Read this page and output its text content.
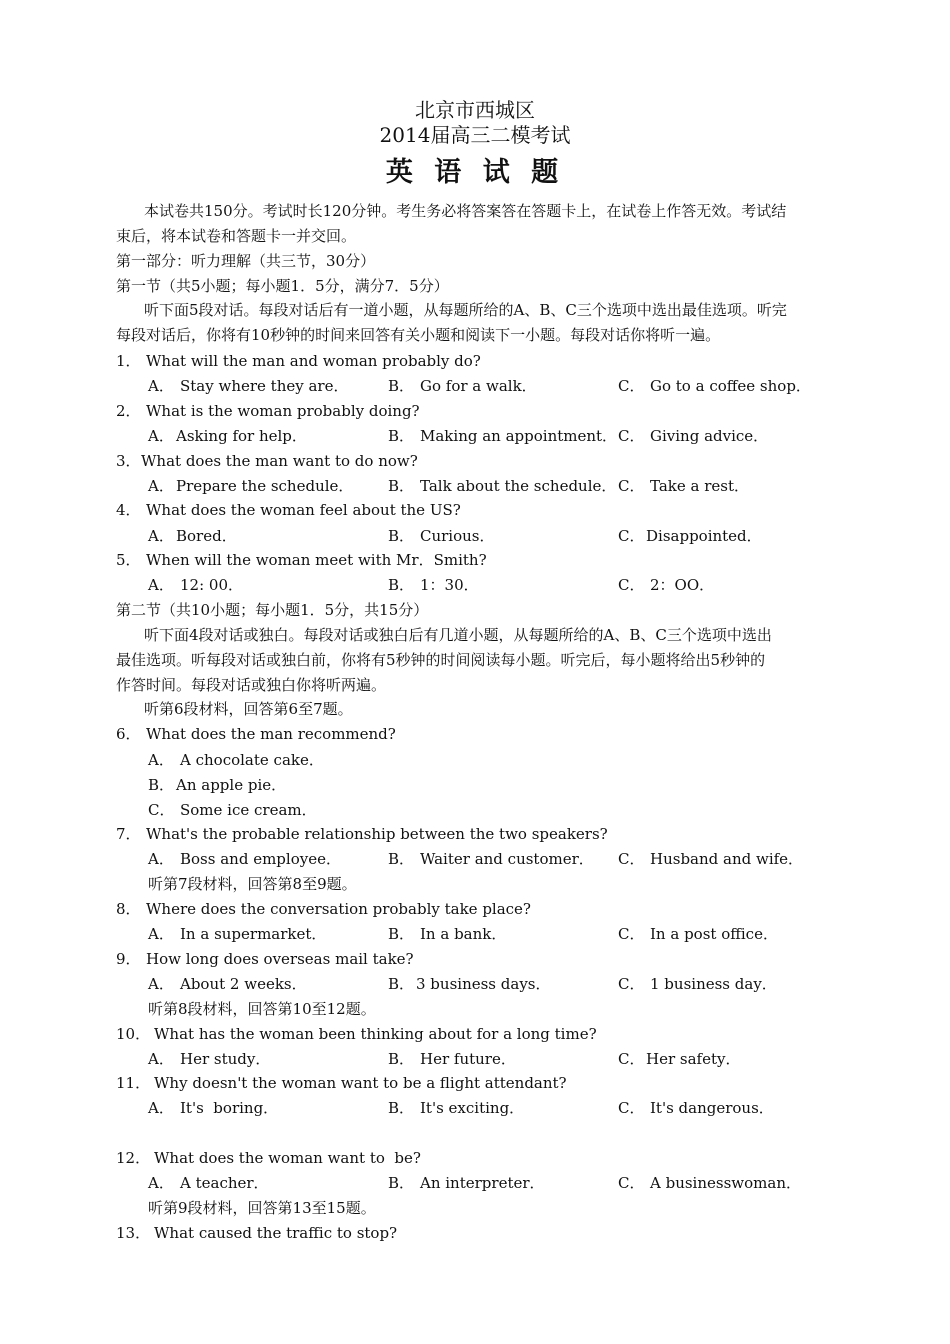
北京市西城区
2014届高三二模考试
英 语 试 题
本试卷共150分。考试时长120分钟。考生务必将答案答在答题卡上，在试卷上作答无效。考试结
束后，将本试卷和答题卡一并交回。
第一部分：听力理解（共三节，30分）
第一节（共5小题；每小题1．5分，满分7．5分）
听下面5段对话。每段对话后有一道小题，从每题所给的A、B、C三个选项中选出最佳选项。听完
每段对话后，你将有10秒钟的时间来回答有关小题和阅读下一小题。每段对话你将听一遍。
1． What will the man and woman probably do?
A． Stay where they are．	B． Go for a walk．	C． Go to a coffee shop．
2． What is the woman probably doing?
A． Asking for help．	B． Making an appointment． C． Giving advice．
3．What does the man want to do now?
A． Prepare the schedule． B． Talk about the schedule． C． Take a rest．
4． What does the woman feel about the US?
A． Bored．	B． Curious．	C． Disappointed．
5． When will the woman meet with Mr．Smith?
A． 12: 00．	B． 1：30．	C． 2：OO．
第二节（共10小题；每小题1．5分，共15分）
听下面4段对话或独白。每段对话或独白后有几道小题，从每题所给的A、B、C三个选项中选出
最佳选项。听每段对话或独白前，你将有5秒钟的时间阅读每小题。听完后，每小题将给出5秒钟的
作答时间。每段对话或独白你将听两遍。
听第6段材料，回答第6至7题。
6． What does the man recommend?
A． A chocolate cake．
B． An apple pie．
C． Some ice cream．
7． What's the probable relationship between the two speakers?
A． Boss and employee．	B． Waiter and customer． C． Husband and wife．
听第7段材料，回答第8至9题。
8． Where does the conversation probably take place?
A． In a supermarket．	B． In a bank．	C． In a post office．
9． How long does overseas mail take?
A． About 2 weeks．	B． 3 business days．	C． 1 business day．
听第8段材料，回答第10至12题。
10． What has the woman been thinking about for a long time?
A． Her study．	B． Her future．	C． Her safety．
11． Why doesn't the woman want to be a flight attendant?
A． It's  boring．	B． It's exciting．	C． It's dangerous．
12． What does the woman want to  be?
A． A teacher．	B． An interpreter．	C． A businesswoman．
听第9段材料，回答第13至15题。
13． What caused the traffic to stop?
